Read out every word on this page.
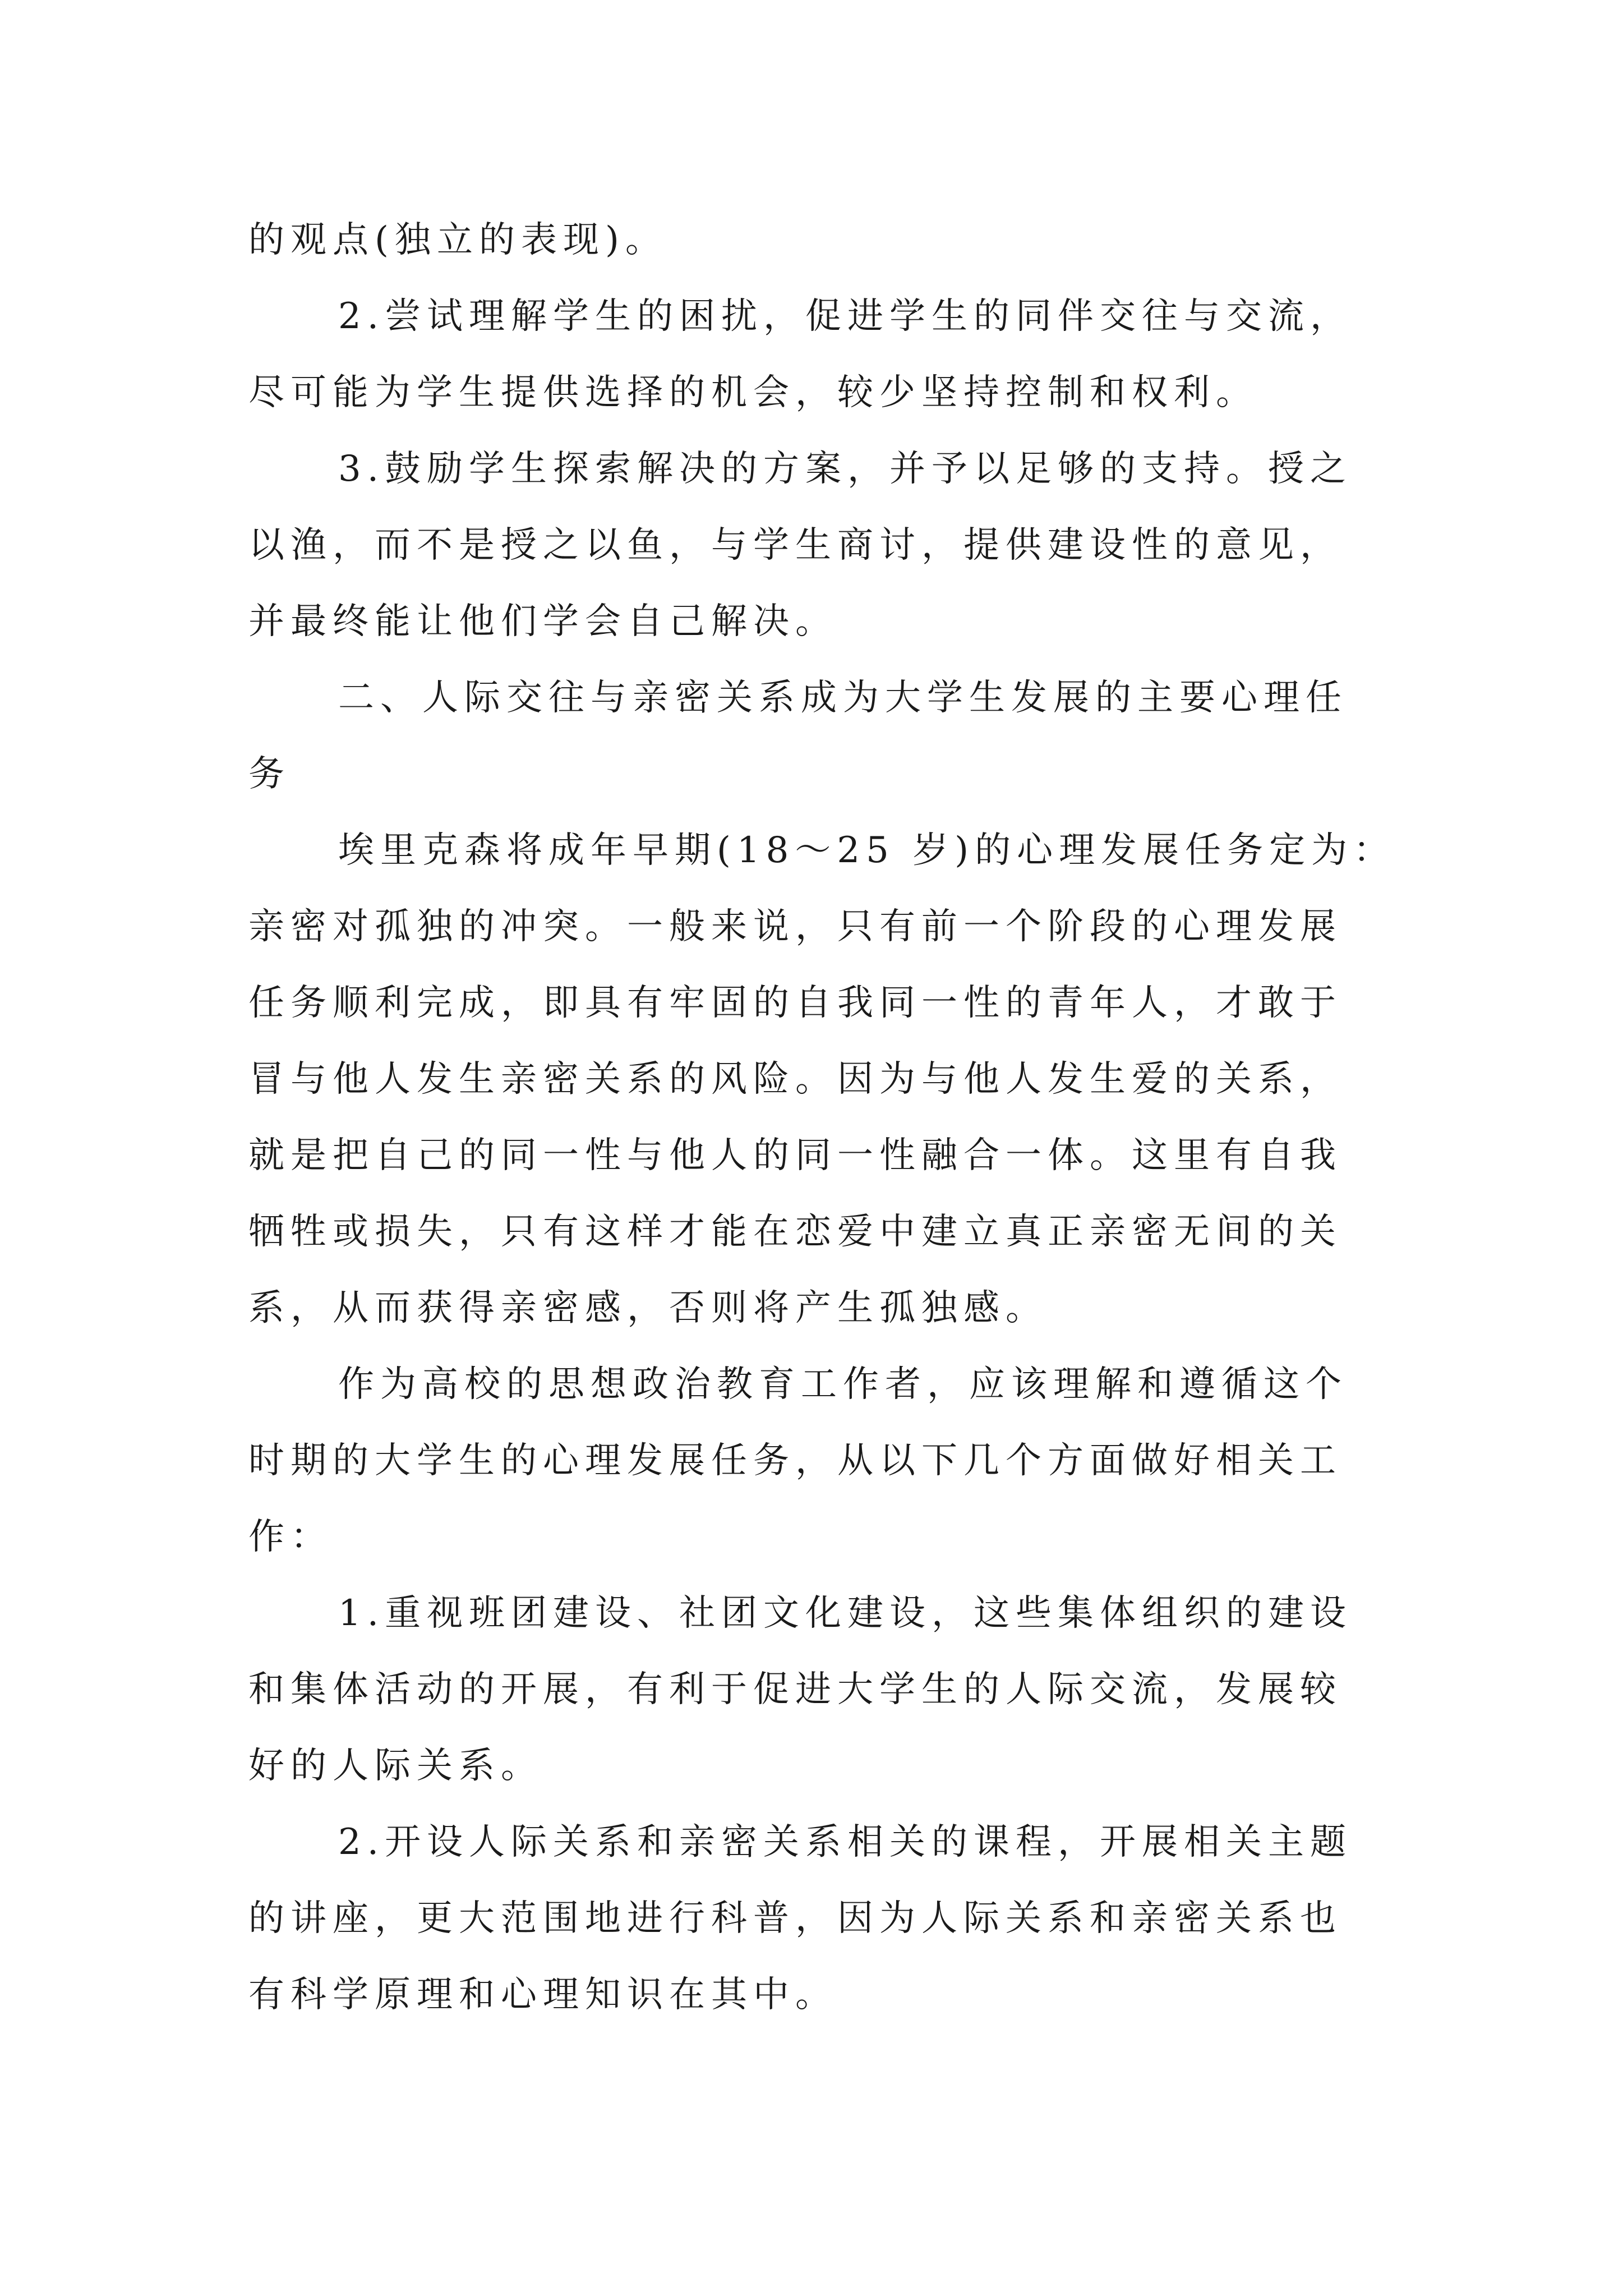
的观点(独立的表现)。
2.尝试理解学生的困扰，促进学生的同伴交往与交流，
尽可能为学生提供选择的机会，较少坚持控制和权利。
3.鼓励学生探索解决的方案，并予以足够的支持。授之
以渔，而不是授之以鱼，与学生商讨，提供建设性的意见，
并最终能让他们学会自己解决。
二、人际交往与亲密关系成为大学生发展的主要心理任
务
埃里克森将成年早期(18～25 岁)的心理发展任务定为：
亲密对孤独的冲突。一般来说，只有前一个阶段的心理发展
任务顺利完成，即具有牢固的自我同一性的青年人，才敢于
冒与他人发生亲密关系的风险。因为与他人发生爱的关系，
就是把自己的同一性与他人的同一性融合一体。这里有自我
牺牲或损失，只有这样才能在恋爱中建立真正亲密无间的关
系，从而获得亲密感，否则将产生孤独感。
作为高校的思想政治教育工作者，应该理解和遵循这个
时期的大学生的心理发展任务，从以下几个方面做好相关工
作：
1.重视班团建设、社团文化建设，这些集体组织的建设
和集体活动的开展，有利于促进大学生的人际交流，发展较
好的人际关系。
2.开设人际关系和亲密关系相关的课程，开展相关主题
的讲座，更大范围地进行科普，因为人际关系和亲密关系也
有科学原理和心理知识在其中。
